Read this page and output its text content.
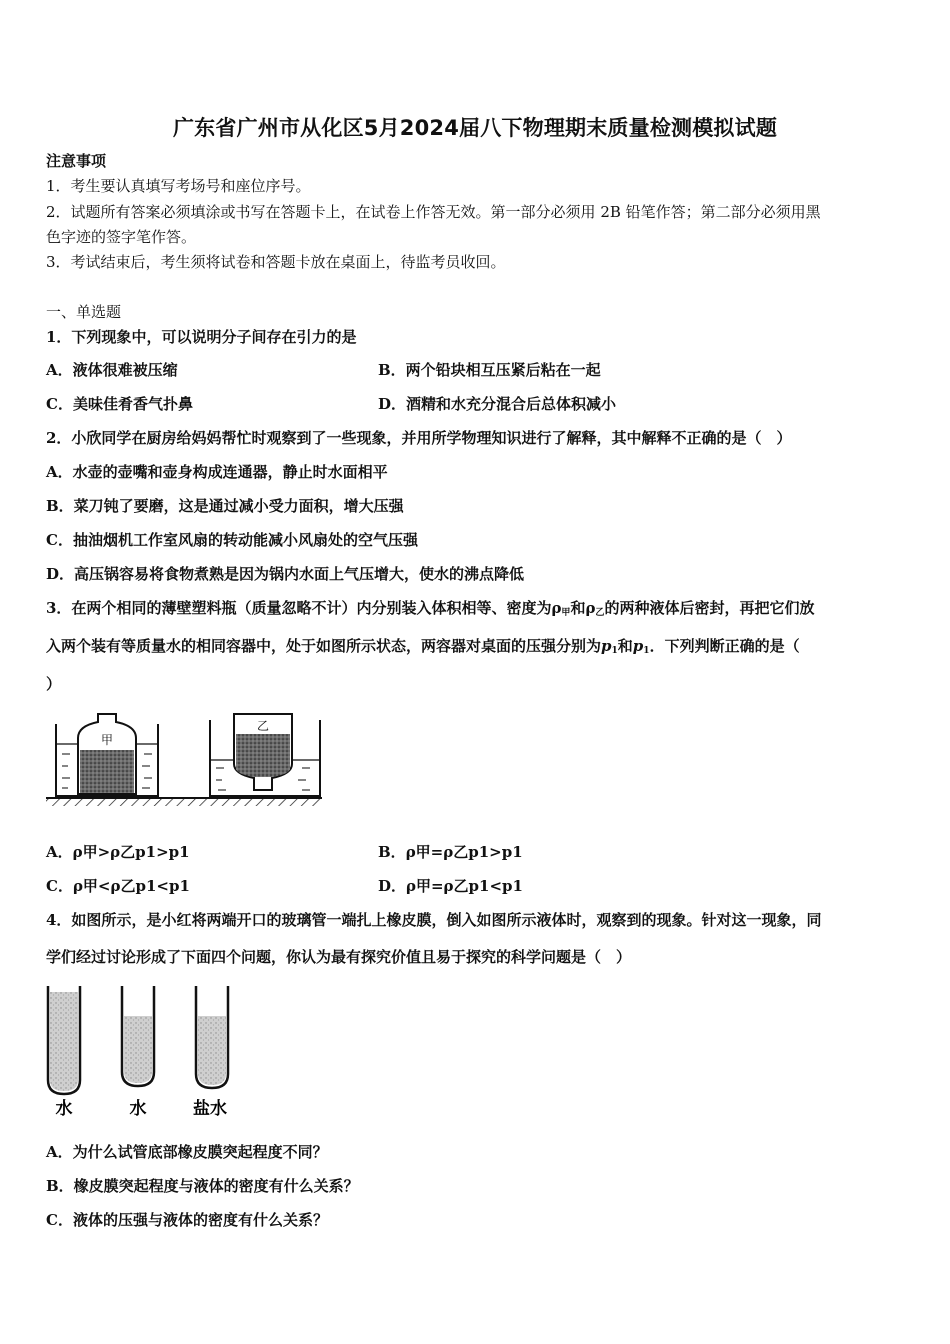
广东省广州市从化区5月2024届八下物理期末质量检测模拟试题
注意事项
1．考生要认真填写考场号和座位序号。
2．试题所有答案必须填涂或书写在答题卡上，在试卷上作答无效。第一部分必须用 2B 铅笔作答；第二部分必须用黑
色字迹的签字笔作答。
3．考试结束后，考生须将试卷和答题卡放在桌面上，待监考员收回。
一、单选题
1．下列现象中，可以说明分子间存在引力的是
A．液体很难被压缩	B．两个铅块相互压紧后粘在一起
C．美味佳肴香气扑鼻	D．酒精和水充分混合后总体积减小
2．小欣同学在厨房给妈妈帮忙时观察到了一些现象，并用所学物理知识进行了解释，其中解释不正确的是（　）
A．水壶的壶嘴和壶身构成连通器，静止时水面相平
B．菜刀钝了要磨，这是通过减小受力面积，增大压强
C．抽油烟机工作室风扇的转动能减小风扇处的空气压强
D．高压锅容易将食物煮熟是因为锅内水面上气压增大，使水的沸点降低
3．在两个相同的薄壁塑料瓶（质量忽略不计）内分别装入体积相等、密度为$\rho_甲$和$\rho_乙$的两种液体后密封，再把它们放
入两个装有等质量水的相同容器中，处于如图所示状态，两容器对桌面的压强分别为$p_1$和$p_1$．下列判断正确的是（
）
甲
乙
A．ρ甲>ρ乙p1>p1	B．ρ甲=ρ乙p1>p1
C．ρ甲<ρ乙p1<p1	D．ρ甲=ρ乙p1<p1
4．如图所示，是小红将两端开口的玻璃管一端扎上橡皮膜，倒入如图所示液体时，观察到的现象。针对这一现象，同
学们经过讨论形成了下面四个问题，你认为最有探究价值且易于探究的科学问题是（　）
水	水	盐水
A．为什么试管底部橡皮膜突起程度不同？
B．橡皮膜突起程度与液体的密度有什么关系？
C．液体的压强与液体的密度有什么关系？
